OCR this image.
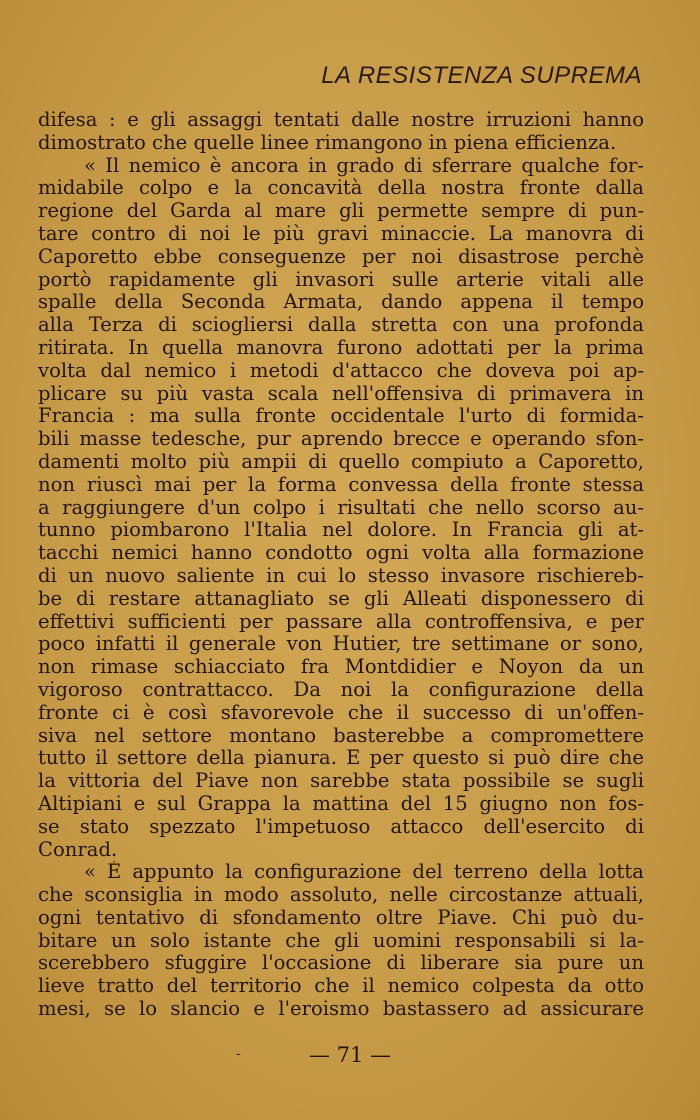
LA RESISTENZA SUPREMA
difesa : e gli assaggi tentati dalle nostre irruzioni hanno
dimostrato che quelle linee rimangono in piena efficienza.
« Il nemico è ancora in grado di sferrare qualche for-
midabile colpo e la concavità della nostra fronte dalla
regione del Garda al mare gli permette sempre di pun-
tare contro di noi le più gravi minaccie. La manovra di
Caporetto ebbe conseguenze per noi disastrose perchè
portò rapidamente gli invasori sulle arterie vitali alle
spalle della Seconda Armata, dando appena il tempo
alla Terza di sciogliersi dalla stretta con una profonda
ritirata. In quella manovra furono adottati per la prima
volta dal nemico i metodi d'attacco che doveva poi ap-
plicare su più vasta scala nell'offensiva di primavera in
Francia : ma sulla fronte occidentale l'urto di formida-
bili masse tedesche, pur aprendo brecce e operando sfon-
damenti molto più ampii di quello compiuto a Caporetto,
non riuscì mai per la forma convessa della fronte stessa
a raggiungere d'un colpo i risultati che nello scorso au-
tunno piombarono l'Italia nel dolore. In Francia gli at-
tacchi nemici hanno condotto ogni volta alla formazione
di un nuovo saliente in cui lo stesso invasore rischiereb-
be di restare attanagliato se gli Alleati disponessero di
effettivi sufficienti per passare alla controffensiva, e per
poco infatti il generale von Hutier, tre settimane or sono,
non rimase schiacciato fra Montdidier e Noyon da un
vigoroso contrattacco. Da noi la configurazione della
fronte ci è così sfavorevole che il successo di un'offen-
siva nel settore montano basterebbe a compromettere
tutto il settore della pianura. E per questo si può dire che
la vittoria del Piave non sarebbe stata possibile se sugli
Altipiani e sul Grappa la mattina del 15 giugno non fos-
se stato spezzato l'impetuoso attacco dell'esercito di
Conrad.
« È appunto la configurazione del terreno della lotta
che sconsiglia in modo assoluto, nelle circostanze attuali,
ogni tentativo di sfondamento oltre Piave. Chi può du-
bitare un solo istante che gli uomini responsabili si la-
scerebbero sfuggire l'occasione di liberare sia pure un
lieve tratto del territorio che il nemico colpesta da otto
mesi, se lo slancio e l'eroismo bastassero ad assicurare
-	— 71 —
